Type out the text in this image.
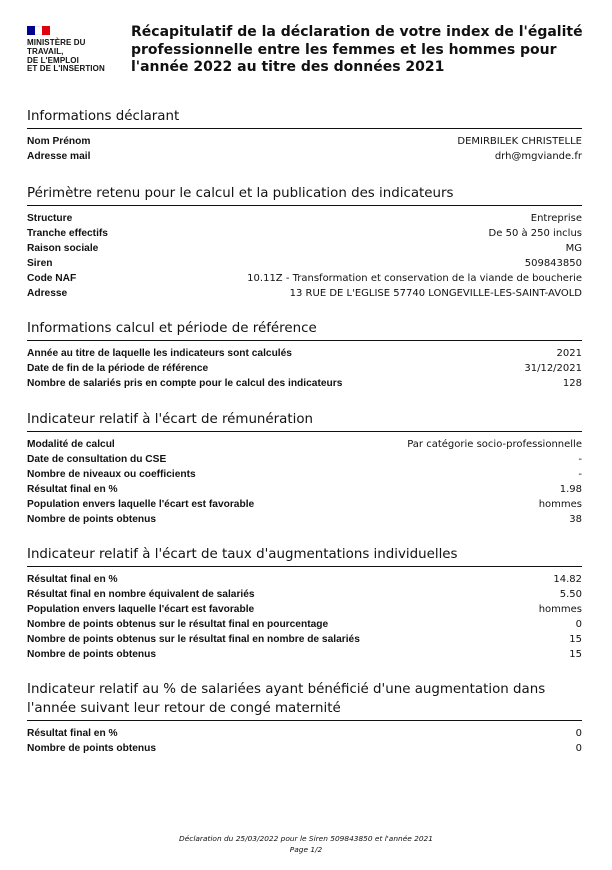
MINISTÈRE DU
TRAVAIL,
DE L'EMPLOI
ET DE L'INSERTION
Récapitulatif de la déclaration de votre index de l'égalité
professionnelle entre les femmes et les hommes pour
l'année 2022 au titre des données 2021
Informations déclarant
Nom Prénom	DEMIRBILEK CHRISTELLE
Adresse mail	drh@mgviande.fr
Périmètre retenu pour le calcul et la publication des indicateurs
Structure	Entreprise
Tranche effectifs	De 50 à 250 inclus
Raison sociale	MG
Siren	509843850
Code NAF	10.11Z - Transformation et conservation de la viande de boucherie
Adresse	13 RUE DE L'EGLISE 57740 LONGEVILLE-LES-SAINT-AVOLD
Informations calcul et période de référence
Année au titre de laquelle les indicateurs sont calculés	2021
Date de fin de la période de référence	31/12/2021
Nombre de salariés pris en compte pour le calcul des indicateurs	128
Indicateur relatif à l'écart de rémunération
Modalité de calcul	Par catégorie socio-professionnelle
Date de consultation du CSE	-
Nombre de niveaux ou coefficients	-
Résultat final en %	1.98
Population envers laquelle l'écart est favorable	hommes
Nombre de points obtenus	38
Indicateur relatif à l'écart de taux d'augmentations individuelles
Résultat final en %	14.82
Résultat final en nombre équivalent de salariés	5.50
Population envers laquelle l'écart est favorable	hommes
Nombre de points obtenus sur le résultat final en pourcentage	0
Nombre de points obtenus sur le résultat final en nombre de salariés	15
Nombre de points obtenus	15
Indicateur relatif au % de salariées ayant bénéficié d'une augmentation dans l'année suivant leur retour de congé maternité
Résultat final en %	0
Nombre de points obtenus	0
Déclaration du 25/03/2022 pour le Siren 509843850 et l'année 2021
Page 1/2
